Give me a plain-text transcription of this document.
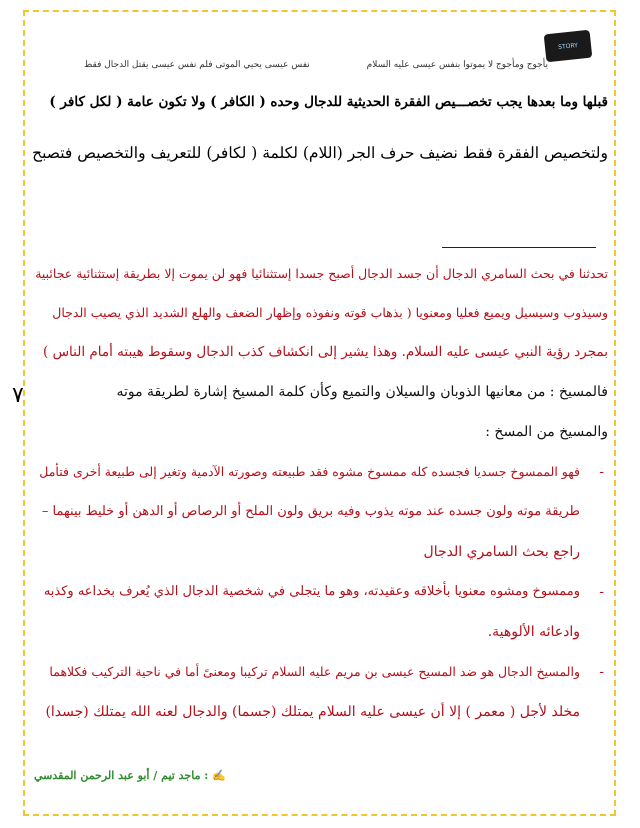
STORY
يأجوج ومأجوج لا يموتوا بنفس عيسى عليه السلام
نفس عيسى يحيي الموتى فلم نفس عيسى يقتل الدجال فقط
قبلها وما بعدها يجب تخصـــيص الفقرة الحديثية للدجال وحده ( الكافر ) ولا تكون عامة ( لكل كافر )
ولتخصيص الفقرة فقط نضيف حرف الجر (اللام) لكلمة ( لكافر) للتعريف والتخصيص فتصبح
٧
تحدثنا في بحث السامري الدجال أن جسد الدجال أصبح جسدا إستثنائيا فهو لن يموت إلا بطريقة إستثنائية عجائبية
وسيذوب وسيسيل ويميع فعليا ومعنويا ( بذهاب قوته ونفوذه وإظهار الضعف والهلع الشديد الذي يصيب الدجال
بمجرد رؤية النبي عيسى عليه السلام. وهذا يشير إلى انكشاف كذب الدجال وسقوط هيبته أمام الناس )
فالمسيخ : من معانيها الذوبان والسيلان والتميع وكأن كلمة المسيخ إشارة لطريقة موته
والمسيخ من المسخ :
-
فهو الممسوخ جسديا فجسده كله ممسوخ مشوه فقد طبيعته وصورته الآدمية وتغير إلى طبيعة أخرى فتأمل
طريقة موته ولون جسده عند موته يذوب وفيه بريق ولون الملح أو الرصاص أو الدهن أو خليط بينهما –
راجع بحث السامري الدجال
-
وممسوخ ومشوه معنويا بأخلاقه وعقيدته، وهو ما يتجلى في شخصية الدجال الذي يُعرف بخداعه وكذبه
وادعائه الألوهية.
-
والمسيخ الدجال هو ضد المسيح عيسى بن مريم عليه السلام تركيبا ومعنىً أما في ناحية التركيب فكلاهما
مخلد لأجل ( معمر ) إلا أن عيسى عليه السلام يمتلك (جسما) والدجال لعنه الله يمتلك (جسدا)
✍ : ماجد تيم / أبو عبد الرحمن المقدسي
